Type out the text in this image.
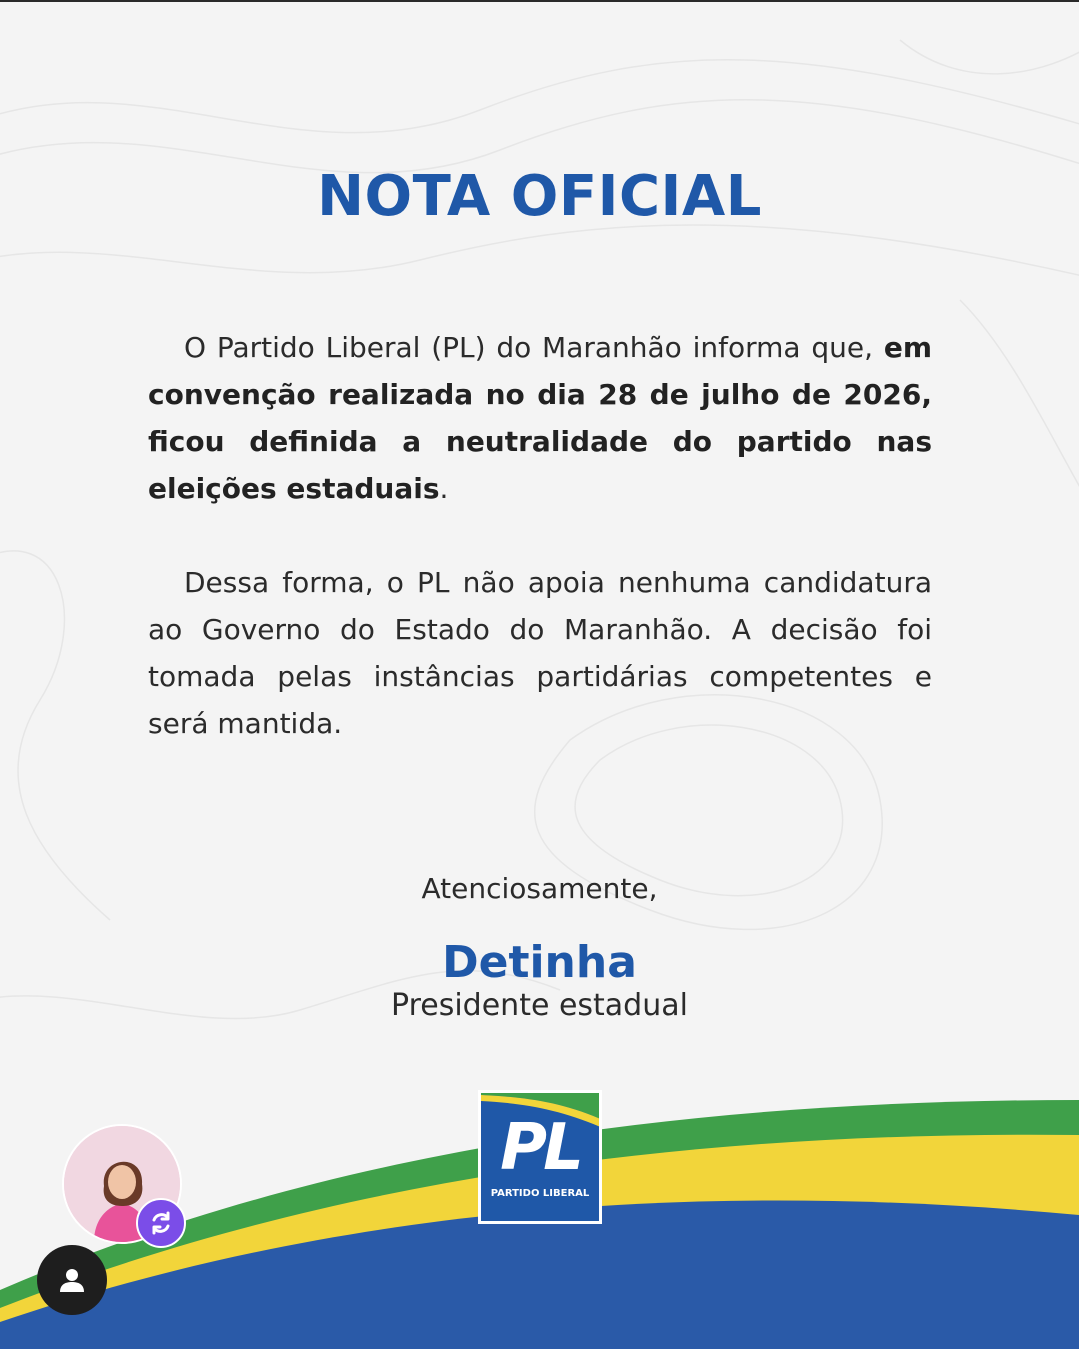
NOTA OFICIAL
O Partido Liberal (PL) do Maranhão informa que, em convenção realizada no dia 28 de julho de 2026, ficou definida a neutralidade do partido nas eleições estaduais.
Dessa forma, o PL não apoia nenhuma candidatura ao Governo do Estado do Maranhão. A decisão foi tomada pelas instâncias partidárias competentes e será mantida.
Atenciosamente,
Detinha
Presidente estadual
PL
PARTIDO LIBERAL
